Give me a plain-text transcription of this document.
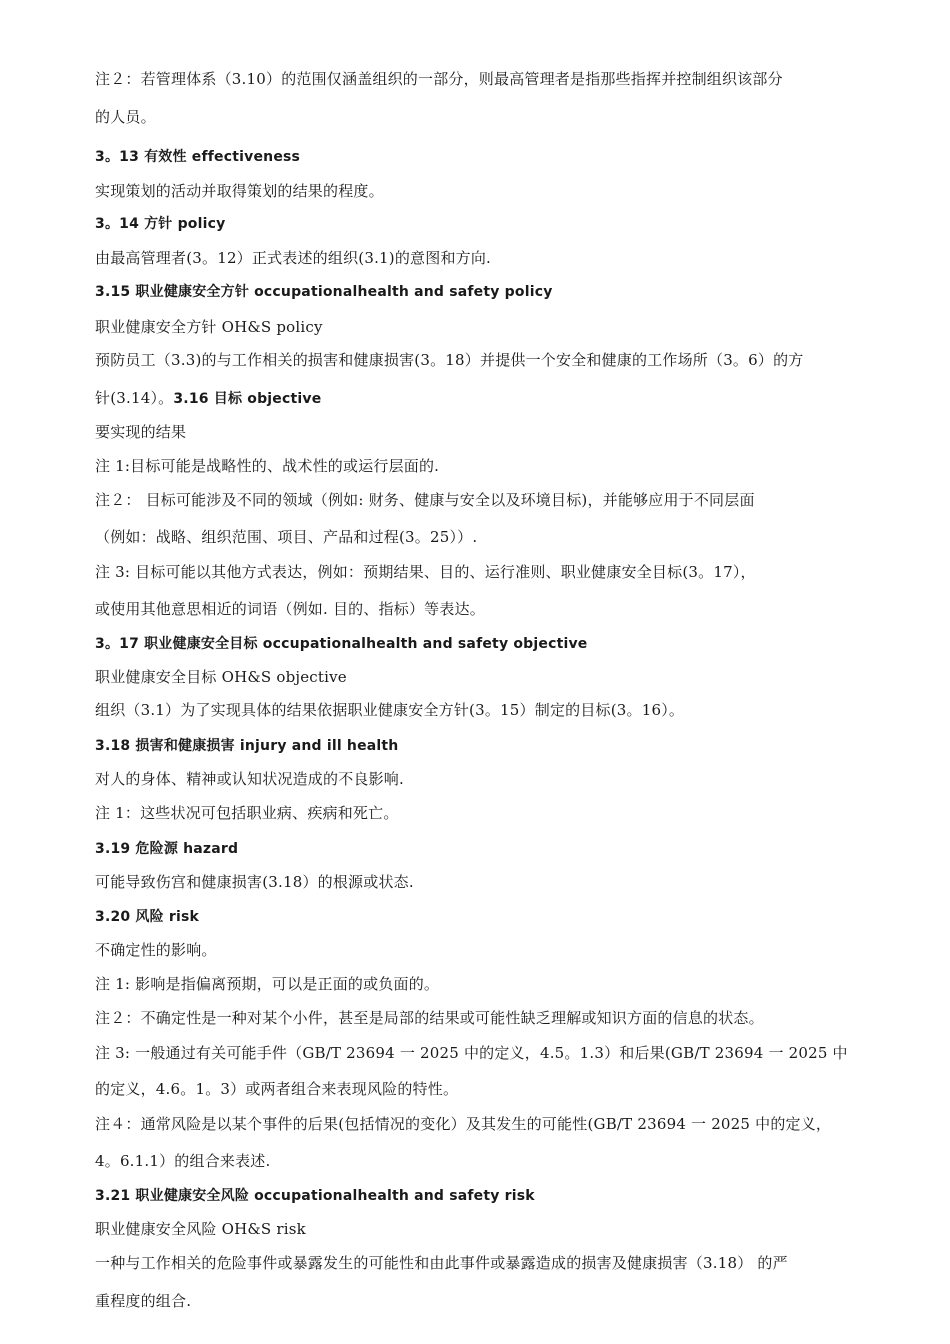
注２：若管理体系（3.10）的范围仅涵盖组织的一部分，则最高管理者是指那些指挥并控制组织该部分
的人员。
3。13 有效性 effectiveness
实现策划的活动并取得策划的结果的程度。
3。14 方针 policy
由最高管理者(3。12）正式表述的组织(3.1)的意图和方向.
3.15 职业健康安全方针 occupationalhealth and safety policy
职业健康安全方针 OH&S policy
预防员工（3.3)的与工作相关的损害和健康损害(3。18）并提供一个安全和健康的工作场所（3。6）的方
针(3.14）。3.16 目标 objective
要实现的结果
注 1:目标可能是战略性的、战术性的或运行层面的.
注２： 目标可能涉及不同的领域（例如: 财务、健康与安全以及环境目标)，并能够应用于不同层面
（例如：战略、组织范围、项目、产品和过程(3。25））.
注 3: 目标可能以其他方式表达，例如：预期结果、目的、运行准则、职业健康安全目标(3。17），
或使用其他意思相近的词语（例如. 目的、指标）等表达。
3。17 职业健康安全目标 occupationalhealth and safety objective
职业健康安全目标 OH&S objective
组织（3.1）为了实现具体的结果依据职业健康安全方针(3。15）制定的目标(3。16）。
3.18 损害和健康损害 injury and ill health
对人的身体、精神或认知状况造成的不良影响.
注 1：这些状况可包括职业病、疾病和死亡。
3.19 危险源 hazard
可能导致伤宫和健康损害(3.18）的根源或状态.
3.20 风险 risk
不确定性的影响。
注 1: 影响是指偏离预期，可以是正面的或负面的。
注２：不确定性是一种对某个小件，甚至是局部的结果或可能性缺乏理解或知识方面的信息的状态。
注 3: 一般通过有关可能手件（GB/T 23694 一 2025 中的定义，4.5。1.3）和后果(GB/T 23694 一 2025 中
的定义，4.6。1。3）或两者组合来表现风险的特性。
注４：通常风险是以某个事件的后果(包括情况的变化）及其发生的可能性(GB/T 23694 一 2025 中的定义，
4。6.1.1）的组合来表述.
3.21 职业健康安全风险 occupationalhealth and safety risk
职业健康安全风险 OH&S risk
一种与工作相关的危险事件或暴露发生的可能性和由此事件或暴露造成的损害及健康损害（3.18） 的严
重程度的组合.
